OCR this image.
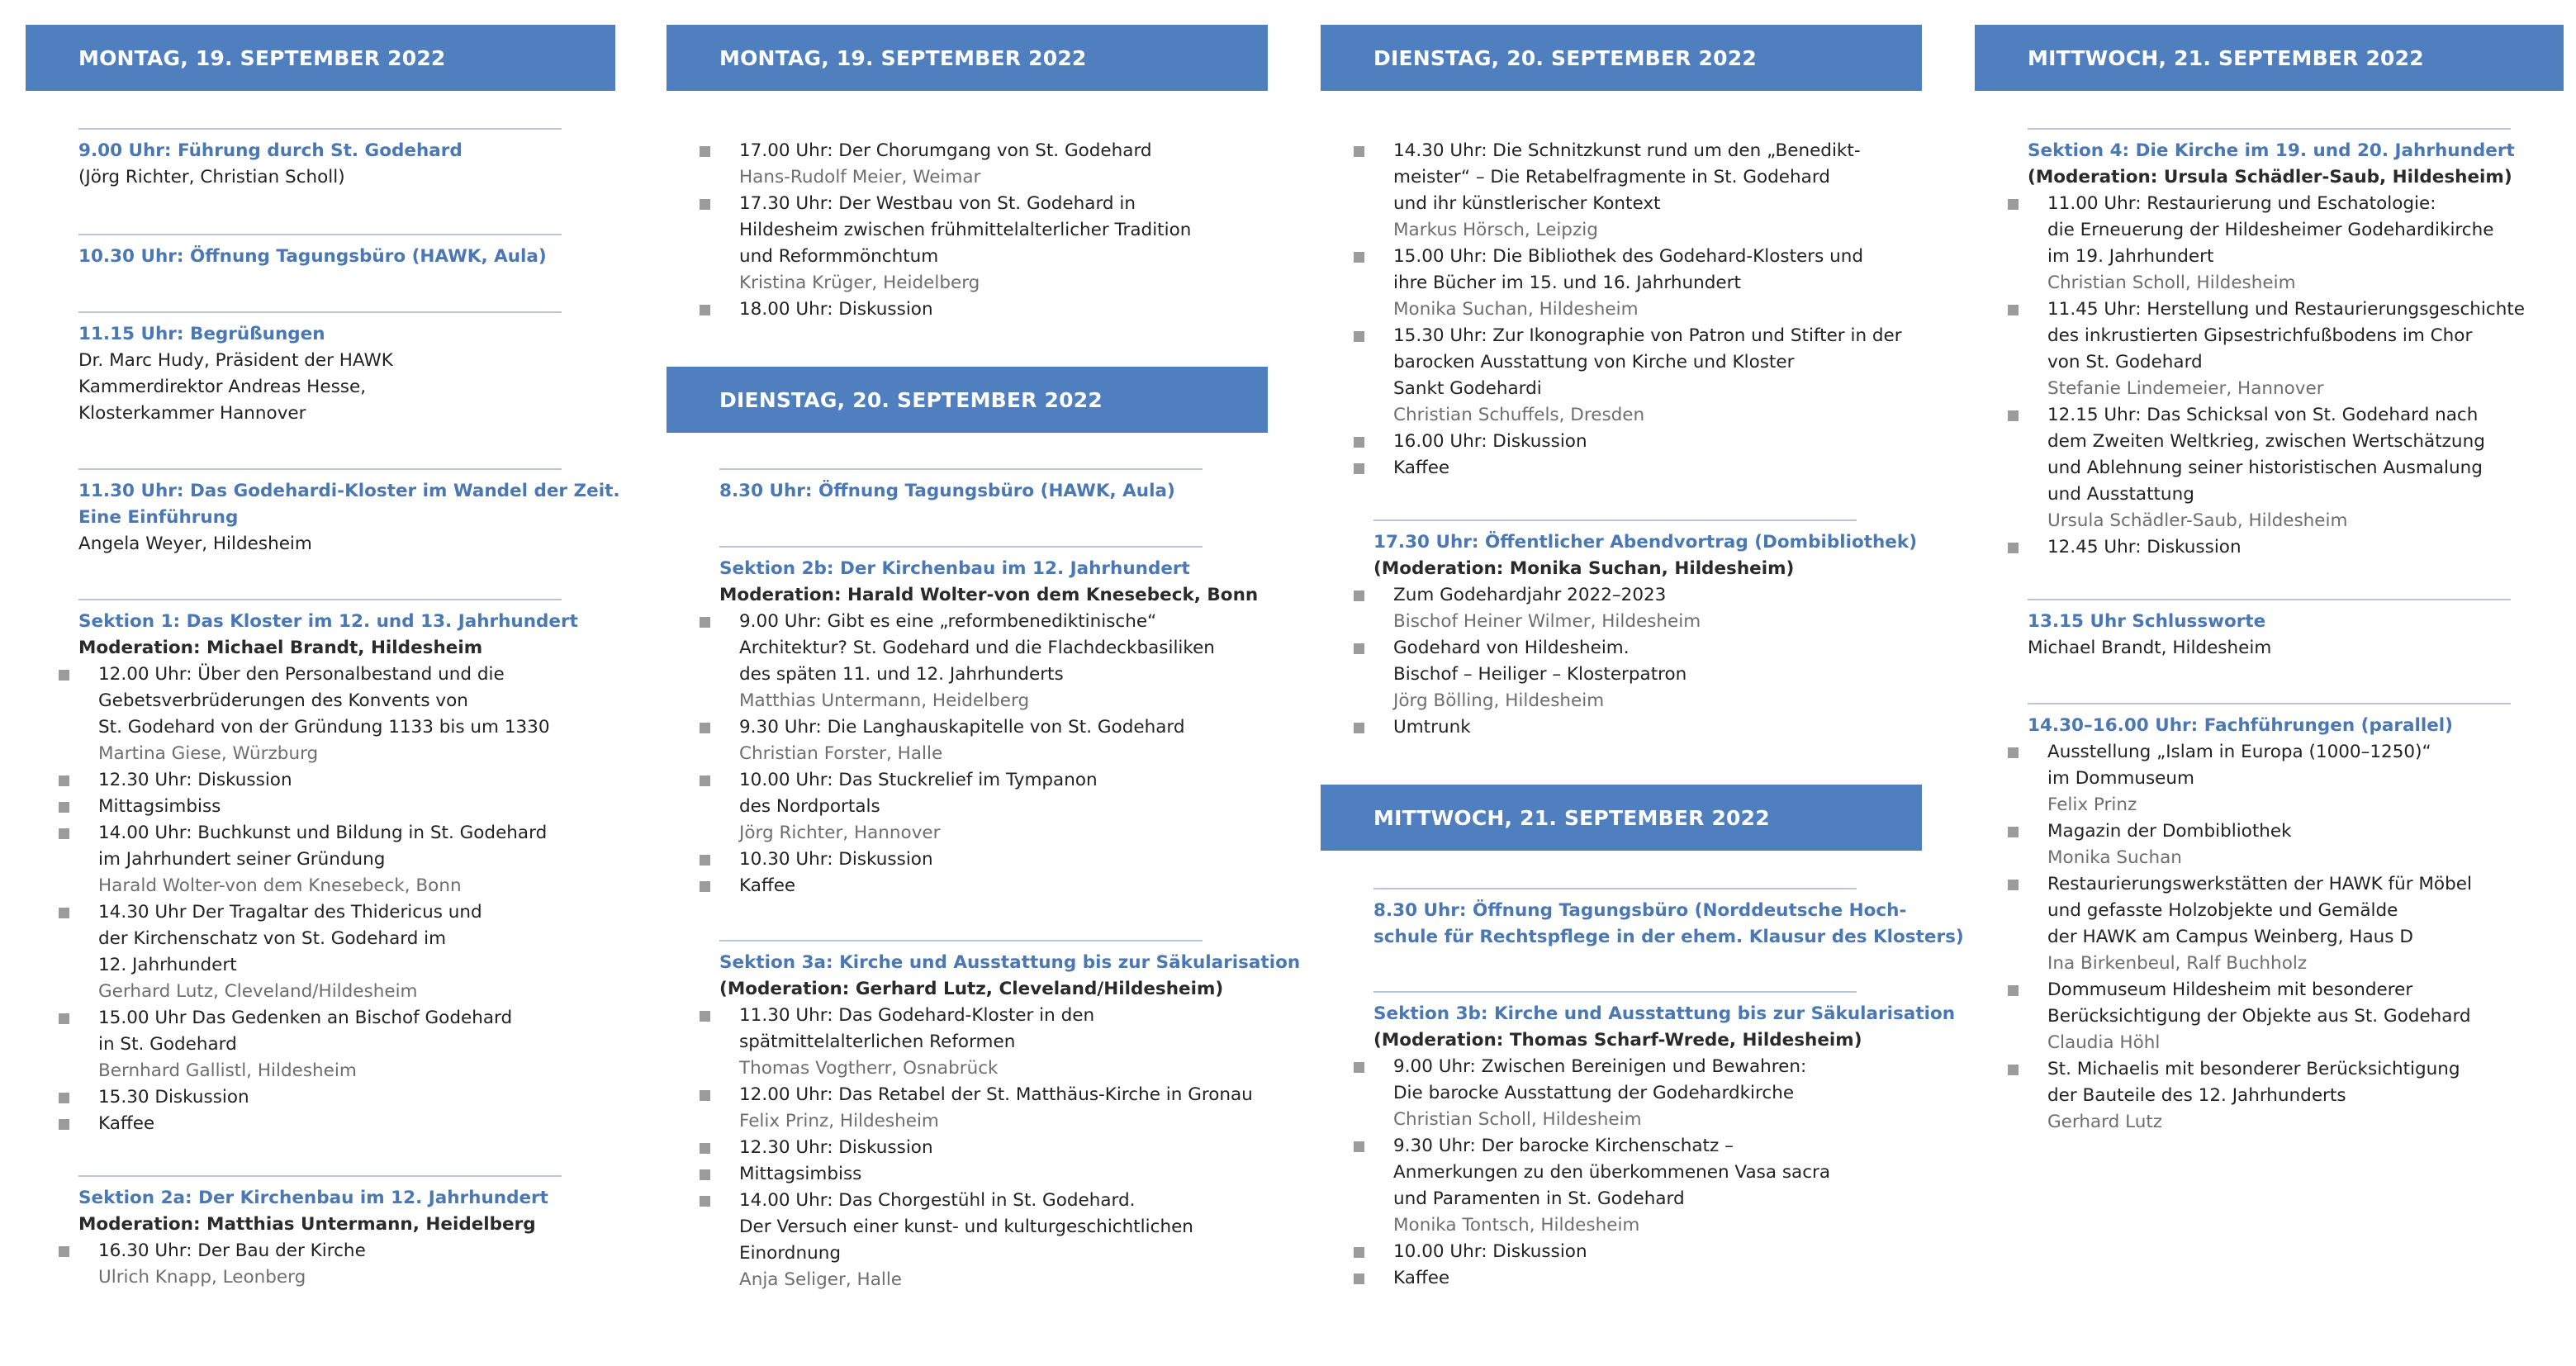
MONTAG, 19. SEPTEMBER 2022
9.00 Uhr: Führung durch St. Godehard
(Jörg Richter, Christian Scholl)
10.30 Uhr: Öffnung Tagungsbüro (HAWK, Aula)
11.15 Uhr: Begrüßungen
Dr. Marc Hudy, Präsident der HAWK
Kammerdirektor Andreas Hesse,
Klosterkammer Hannover
11.30 Uhr: Das Godehardi-Kloster im Wandel der Zeit.
Eine Einführung
Angela Weyer, Hildesheim
Sektion 1: Das Kloster im 12. und 13. Jahrhundert
Moderation: Michael Brandt, Hildesheim
12.00 Uhr: Über den Personalbestand und die
Gebetsverbrüderungen des Konvents von
St. Godehard von der Gründung 1133 bis um 1330
Martina Giese, Würzburg
12.30 Uhr: Diskussion
Mittagsimbiss
14.00 Uhr: Buchkunst und Bildung in St. Godehard
im Jahrhundert seiner Gründung
Harald Wolter-von dem Knesebeck, Bonn
14.30 Uhr Der Tragaltar des Thidericus und
der Kirchenschatz von St. Godehard im
12. Jahrhundert
Gerhard Lutz, Cleveland/Hildesheim
15.00 Uhr Das Gedenken an Bischof Godehard
in St. Godehard
Bernhard Gallistl, Hildesheim
15.30 Diskussion
Kaffee
Sektion 2a: Der Kirchenbau im 12. Jahrhundert
Moderation: Matthias Untermann, Heidelberg
16.30 Uhr: Der Bau der Kirche
Ulrich Knapp, Leonberg
MONTAG, 19. SEPTEMBER 2022
17.00 Uhr: Der Chorumgang von St. Godehard
Hans-Rudolf Meier, Weimar
17.30 Uhr: Der Westbau von St. Godehard in
Hildesheim zwischen frühmittelalterlicher Tradition
und Reformmönchtum
Kristina Krüger, Heidelberg
18.00 Uhr: Diskussion
DIENSTAG, 20. SEPTEMBER 2022
8.30 Uhr: Öffnung Tagungsbüro (HAWK, Aula)
Sektion 2b: Der Kirchenbau im 12. Jahrhundert
Moderation: Harald Wolter-von dem Knesebeck, Bonn
9.00 Uhr: Gibt es eine „reformbenediktinische“
Architektur? St. Godehard und die Flachdeckbasiliken
des späten 11. und 12. Jahrhunderts
Matthias Untermann, Heidelberg
9.30 Uhr: Die Langhauskapitelle von St. Godehard
Christian Forster, Halle
10.00 Uhr: Das Stuckrelief im Tympanon
des Nordportals
Jörg Richter, Hannover
10.30 Uhr: Diskussion
Kaffee
Sektion 3a: Kirche und Ausstattung bis zur Säkularisation
(Moderation: Gerhard Lutz, Cleveland/Hildesheim)
11.30 Uhr: Das Godehard-Kloster in den
spätmittelalterlichen Reformen
Thomas Vogtherr, Osnabrück
12.00 Uhr: Das Retabel der St. Matthäus-Kirche in Gronau
Felix Prinz, Hildesheim
12.30 Uhr: Diskussion
Mittagsimbiss
14.00 Uhr: Das Chorgestühl in St. Godehard.
Der Versuch einer kunst- und kulturgeschichtlichen
Einordnung
Anja Seliger, Halle
DIENSTAG, 20. SEPTEMBER 2022
14.30 Uhr: Die Schnitzkunst rund um den „Benedikt-
meister“ – Die Retabelfragmente in St. Godehard
und ihr künstlerischer Kontext
Markus Hörsch, Leipzig
15.00 Uhr: Die Bibliothek des Godehard-Klosters und
ihre Bücher im 15. und 16. Jahrhundert
Monika Suchan, Hildesheim
15.30 Uhr: Zur Ikonographie von Patron und Stifter in der
barocken Ausstattung von Kirche und Kloster
Sankt Godehardi
Christian Schuffels, Dresden
16.00 Uhr: Diskussion
Kaffee
17.30 Uhr: Öffentlicher Abendvortrag (Dombibliothek)
(Moderation: Monika Suchan, Hildesheim)
Zum Godehardjahr 2022–2023
Bischof Heiner Wilmer, Hildesheim
Godehard von Hildesheim.
Bischof – Heiliger – Klosterpatron
Jörg Bölling, Hildesheim
Umtrunk
MITTWOCH, 21. SEPTEMBER 2022
8.30 Uhr: Öffnung Tagungsbüro (Norddeutsche Hoch-
schule für Rechtspflege in der ehem. Klausur des Klosters)
Sektion 3b: Kirche und Ausstattung bis zur Säkularisation
(Moderation: Thomas Scharf-Wrede, Hildesheim)
9.00 Uhr: Zwischen Bereinigen und Bewahren:
Die barocke Ausstattung der Godehardkirche
Christian Scholl, Hildesheim
9.30 Uhr: Der barocke Kirchenschatz –
Anmerkungen zu den überkommenen Vasa sacra
und Paramenten in St. Godehard
Monika Tontsch, Hildesheim
10.00 Uhr: Diskussion
Kaffee
MITTWOCH, 21. SEPTEMBER 2022
Sektion 4: Die Kirche im 19. und 20. Jahrhundert
(Moderation: Ursula Schädler-Saub, Hildesheim)
11.00 Uhr: Restaurierung und Eschatologie:
die Erneuerung der Hildesheimer Godehardikirche
im 19. Jahrhundert
Christian Scholl, Hildesheim
11.45 Uhr: Herstellung und Restaurierungsgeschichte
des inkrustierten Gipsestrichfußbodens im Chor
von St. Godehard
Stefanie Lindemeier, Hannover
12.15 Uhr: Das Schicksal von St. Godehard nach
dem Zweiten Weltkrieg, zwischen Wertschätzung
und Ablehnung seiner historistischen Ausmalung
und Ausstattung
Ursula Schädler-Saub, Hildesheim
12.45 Uhr: Diskussion
13.15 Uhr Schlussworte
Michael Brandt, Hildesheim
14.30–16.00 Uhr: Fachführungen (parallel)
Ausstellung „Islam in Europa (1000–1250)“
im Dommuseum
Felix Prinz
Magazin der Dombibliothek
Monika Suchan
Restaurierungswerkstätten der HAWK für Möbel
und gefasste Holzobjekte und Gemälde
der HAWK am Campus Weinberg, Haus D
Ina Birkenbeul, Ralf Buchholz
Dommuseum Hildesheim mit besonderer
Berücksichtigung der Objekte aus St. Godehard
Claudia Höhl
St. Michaelis mit besonderer Berücksichtigung
der Bauteile des 12. Jahrhunderts
Gerhard Lutz
